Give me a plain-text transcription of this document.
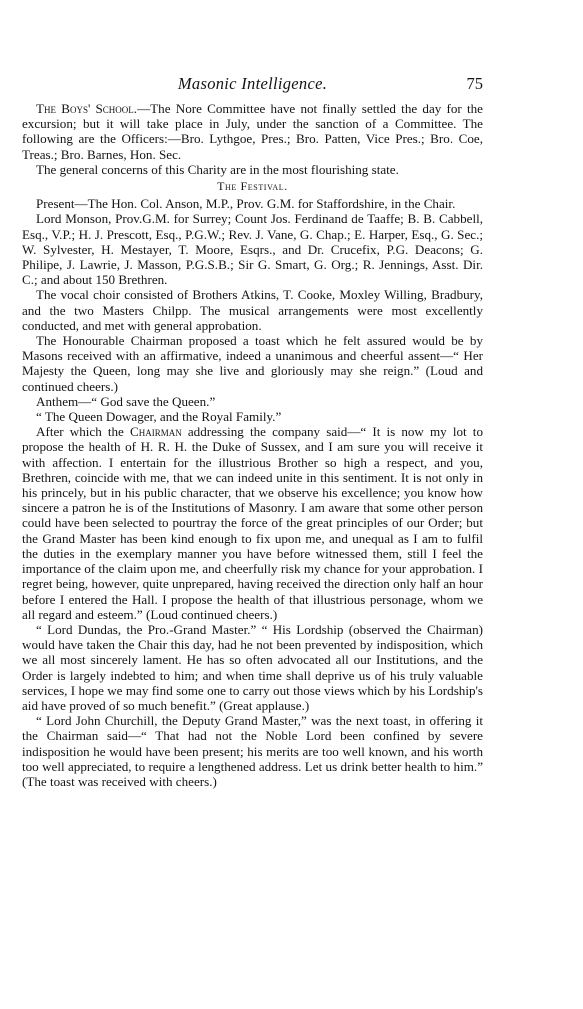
Masonic Intelligence.	75

The Boys' School.—The Nore Committee have not finally settled the day for the excursion; but it will take place in July, under the sanction of a Committee. The following are the Officers:—Bro. Lythgoe, Pres.; Bro. Patten, Vice Pres.; Bro. Coe, Treas.; Bro. Barnes, Hon. Sec.

The general concerns of this Charity are in the most flourishing state.

The Festival.

Present—The Hon. Col. Anson, M.P., Prov. G.M. for Staffordshire, in the Chair.

Lord Monson, Prov.G.M. for Surrey; Count Jos. Ferdinand de Taaffe; B. B. Cabbell, Esq., V.P.; H. J. Prescott, Esq., P.G.W.; Rev. J. Vane, G. Chap.; E. Harper, Esq., G. Sec.; W. Sylvester, H. Mestayer, T. Moore, Esqrs., and Dr. Crucefix, P.G. Deacons; G. Philipe, J. Lawrie, J. Masson, P.G.S.B.; Sir G. Smart, G. Org.; R. Jennings, Asst. Dir. C.; and about 150 Brethren.

The vocal choir consisted of Brothers Atkins, T. Cooke, Moxley Willing, Bradbury, and the two Masters Chilpp. The musical arrangements were most excellently conducted, and met with general approbation.

The Honourable Chairman proposed a toast which he felt assured would be by Masons received with an affirmative, indeed a unanimous and cheerful assent—“ Her Majesty the Queen, long may she live and gloriously may she reign.” (Loud and continued cheers.)

Anthem—“ God save the Queen.”

“ The Queen Dowager, and the Royal Family.”

After which the Chairman addressing the company said—“ It is now my lot to propose the health of H. R. H. the Duke of Sussex, and I am sure you will receive it with affection. I entertain for the illustrious Brother so high a respect, and you, Brethren, coincide with me, that we can indeed unite in this sentiment. It is not only in his princely, but in his public character, that we observe his excellence; you know how sincere a patron he is of the Institutions of Masonry. I am aware that some other person could have been selected to pourtray the force of the great principles of our Order; but the Grand Master has been kind enough to fix upon me, and unequal as I am to fulfil the duties in the exemplary manner you have before witnessed them, still I feel the importance of the claim upon me, and cheerfully risk my chance for your approbation. I regret being, however, quite unprepared, having received the direction only half an hour before I entered the Hall. I propose the health of that illustrious personage, whom we all regard and esteem.” (Loud continued cheers.)

“ Lord Dundas, the Pro.-Grand Master.” “ His Lordship (observed the Chairman) would have taken the Chair this day, had he not been prevented by indisposition, which we all most sincerely lament. He has so often advocated all our Institutions, and the Order is largely indebted to him; and when time shall deprive us of his truly valuable services, I hope we may find some one to carry out those views which by his Lordship's aid have proved of so much benefit.” (Great applause.)

“ Lord John Churchill, the Deputy Grand Master,” was the next toast, in offering it the Chairman said—“ That had not the Noble Lord been confined by severe indisposition he would have been present; his merits are too well known, and his worth too well appreciated, to require a lengthened address. Let us drink better health to him.” (The toast was received with cheers.)
